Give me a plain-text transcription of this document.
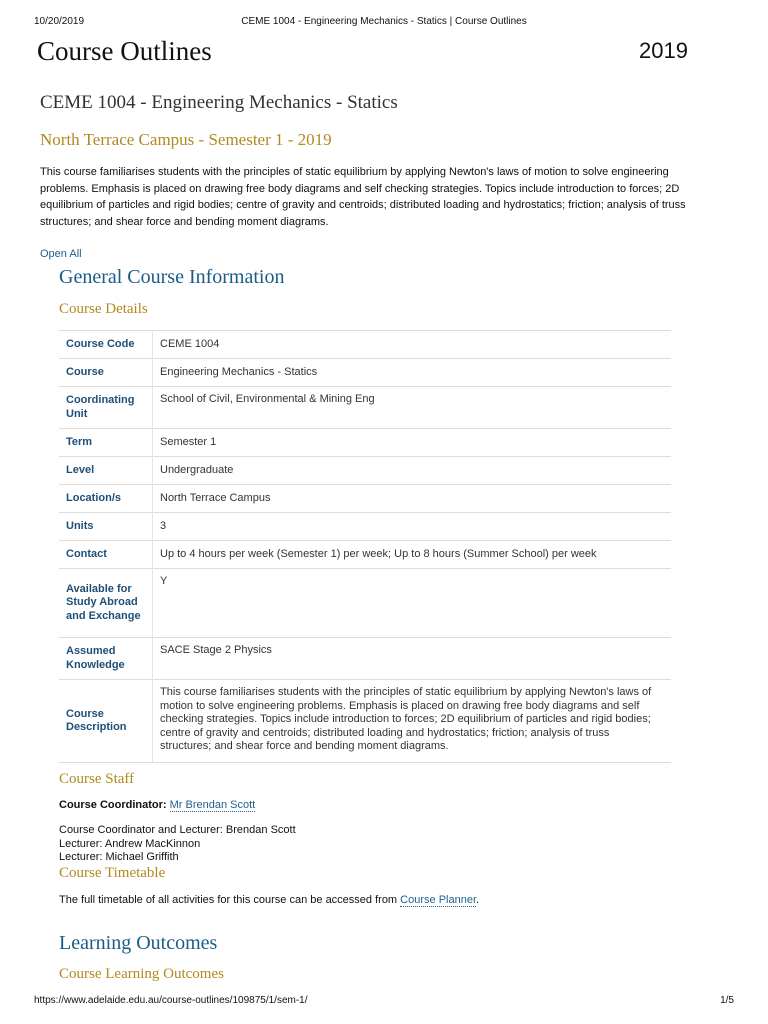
10/20/2019	CEME 1004 - Engineering Mechanics - Statics | Course Outlines
Course Outlines	2019
CEME 1004 - Engineering Mechanics - Statics
North Terrace Campus - Semester 1 - 2019
This course familiarises students with the principles of static equilibrium by applying Newton's laws of motion to solve engineering problems. Emphasis is placed on drawing free body diagrams and self checking strategies. Topics include introduction to forces; 2D equilibrium of particles and rigid bodies; centre of gravity and centroids; distributed loading and hydrostatics; friction; analysis of truss structures; and shear force and bending moment diagrams.
Open All
General Course Information
Course Details
Course Code	CEME 1004
Course	Engineering Mechanics - Statics
Coordinating Unit	School of Civil, Environmental & Mining Eng
Term	Semester 1
Level	Undergraduate
Location/s	North Terrace Campus
Units	3
Contact	Up to 4 hours per week (Semester 1) per week; Up to 8 hours (Summer School) per week
Available for Study Abroad and Exchange	Y
Assumed Knowledge	SACE Stage 2 Physics
Course Description	This course familiarises students with the principles of static equilibrium by applying Newton's laws of motion to solve engineering problems. Emphasis is placed on drawing free body diagrams and self checking strategies. Topics include introduction to forces; 2D equilibrium of particles and rigid bodies; centre of gravity and centroids; distributed loading and hydrostatics; friction; analysis of truss structures; and shear force and bending moment diagrams.
Course Staff
Course Coordinator: Mr Brendan Scott
Course Coordinator and Lecturer: Brendan Scott
Lecturer: Andrew MacKinnon
Lecturer: Michael Griffith
Course Timetable
The full timetable of all activities for this course can be accessed from Course Planner.
Learning Outcomes
Course Learning Outcomes
https://www.adelaide.edu.au/course-outlines/109875/1/sem-1/	1/5
